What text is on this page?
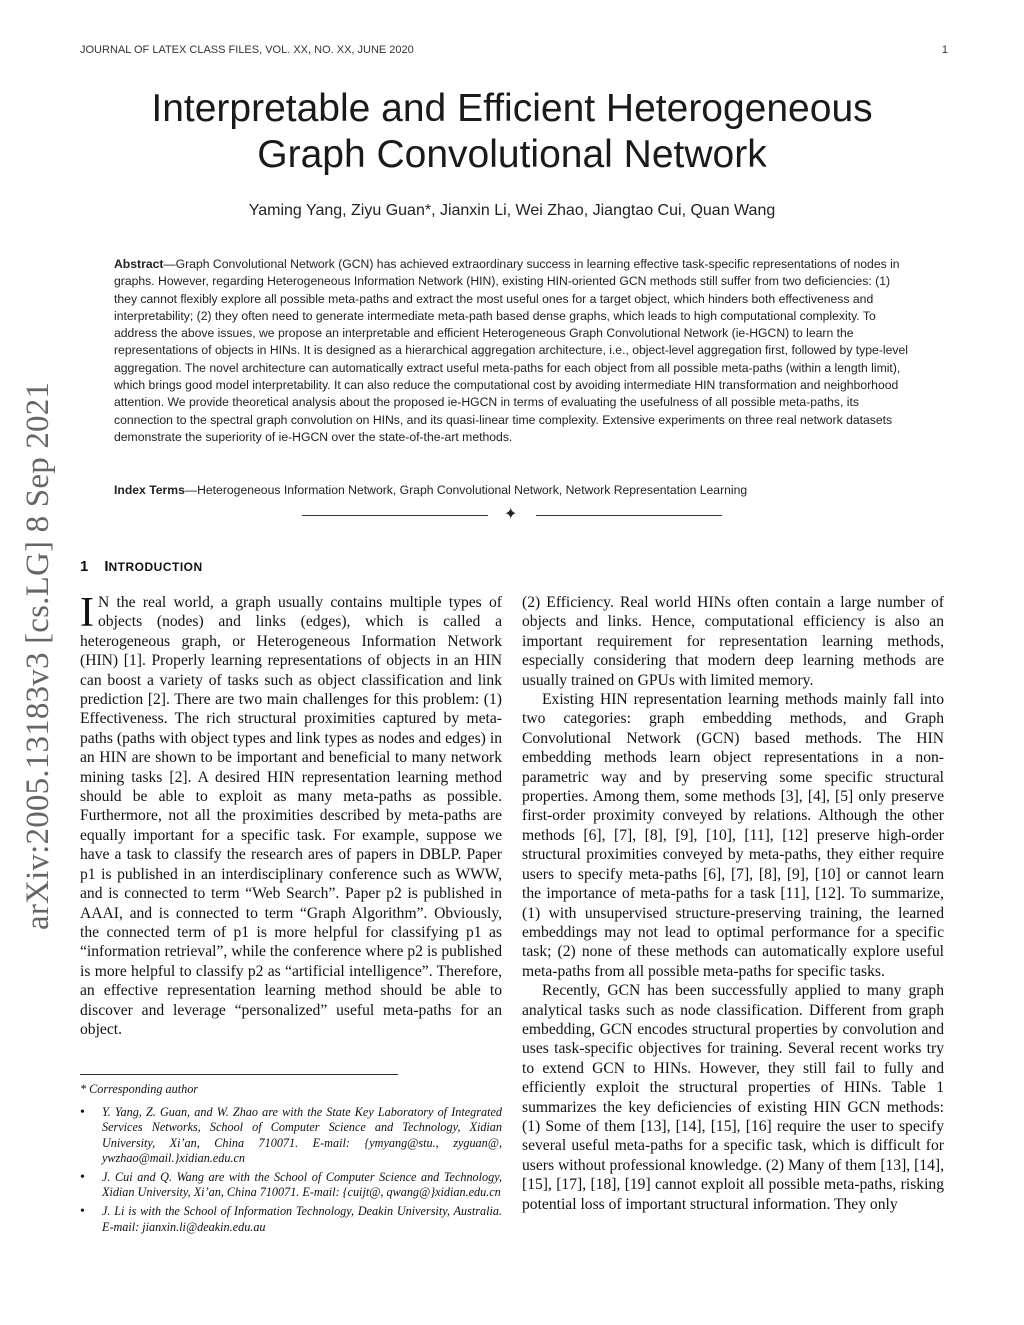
JOURNAL OF LATEX CLASS FILES, VOL. XX, NO. XX, JUNE 2020	1
Interpretable and Efficient Heterogeneous
Graph Convolutional Network
Yaming Yang, Ziyu Guan*, Jianxin Li, Wei Zhao, Jiangtao Cui, Quan Wang
Abstract—Graph Convolutional Network (GCN) has achieved extraordinary success in learning effective task-specific representations of nodes in graphs. However, regarding Heterogeneous Information Network (HIN), existing HIN-oriented GCN methods still suffer from two deficiencies: (1) they cannot flexibly explore all possible meta-paths and extract the most useful ones for a target object, which hinders both effectiveness and interpretability; (2) they often need to generate intermediate meta-path based dense graphs, which leads to high computational complexity. To address the above issues, we propose an interpretable and efficient Heterogeneous Graph Convolutional Network (ie-HGCN) to learn the representations of objects in HINs. It is designed as a hierarchical aggregation architecture, i.e., object-level aggregation first, followed by type-level aggregation. The novel architecture can automatically extract useful meta-paths for each object from all possible meta-paths (within a length limit), which brings good model interpretability. It can also reduce the computational cost by avoiding intermediate HIN transformation and neighborhood attention. We provide theoretical analysis about the proposed ie-HGCN in terms of evaluating the usefulness of all possible meta-paths, its connection to the spectral graph convolution on HINs, and its quasi-linear time complexity. Extensive experiments on three real network datasets demonstrate the superiority of ie-HGCN over the state-of-the-art methods.
Index Terms—Heterogeneous Information Network, Graph Convolutional Network, Network Representation Learning
✦
arXiv:2005.13183v3 [cs.LG] 8 Sep 2021	1 INTRODUCTION

I N the real world, a graph usually contains multiple types of objects (nodes) and links (edges), which is called a heterogeneous graph, or Heterogeneous Information Network (HIN) [1]. Properly learning representations of objects in an HIN can boost a variety of tasks such as object classification and link prediction [2]. There are two main challenges for this problem: (1) Effectiveness. The rich structural proximities captured by meta-paths (paths with object types and link types as nodes and edges) in an HIN are shown to be important and beneficial to many network mining tasks [2]. A desired HIN representation learning method should be able to exploit as many meta-paths as possible. Furthermore, not all the proximities described by meta-paths are equally important for a specific task. For example, suppose we have a task to classify the research ares of papers in DBLP. Paper p1 is published in an interdisciplinary conference such as WWW, and is connected to term “Web Search”. Paper p2 is published in AAAI, and is connected to term “Graph Algorithm”. Obviously, the connected term of p1 is more helpful for classifying p1 as “information retrieval”, while the conference where p2 is published is more helpful to classify p2 as “artificial intelligence”. Therefore, an effective representation learning method should be able to discover and leverage “personalized” useful meta-paths for an object.

(2) Efficiency. Real world HINs often contain a large number of objects and links. Hence, computational efficiency is also an important requirement for representation learning methods, especially considering that modern deep learning methods are usually trained on GPUs with limited memory.

Existing HIN representation learning methods mainly fall into two categories: graph embedding methods, and Graph Convolutional Network (GCN) based methods. The HIN embedding methods learn object representations in a non-parametric way and by preserving some specific structural properties. Among them, some methods [3], [4], [5] only preserve first-order proximity conveyed by relations. Although the other methods [6], [7], [8], [9], [10], [11], [12] preserve high-order structural proximities conveyed by meta-paths, they either require users to specify meta-paths [6], [7], [8], [9], [10] or cannot learn the importance of meta-paths for a task [11], [12]. To summarize, (1) with unsupervised structure-preserving training, the learned embeddings may not lead to optimal performance for a specific task; (2) none of these methods can automatically explore useful meta-paths from all possible meta-paths for specific tasks.

Recently, GCN has been successfully applied to many graph analytical tasks such as node classification. Different from graph embedding, GCN encodes structural properties by convolution and uses task-specific objectives for training. Several recent works try to extend GCN to HINs. However, they still fail to fully and efficiently exploit the structural properties of HINs. Table 1 summarizes the key deficiencies of existing HIN GCN methods: (1) Some of them [13], [14], [15], [16] require the user to specify several useful meta-paths for a specific task, which is difficult for users without professional knowledge. (2) Many of them [13], [14], [15], [17], [18], [19] cannot exploit all possible meta-paths, risking potential loss of important structural information. They only

* Corresponding author
• Y. Yang, Z. Guan, and W. Zhao are with the State Key Laboratory of Integrated Services Networks, School of Computer Science and Technology, Xidian University, Xi’an, China 710071. E-mail: {ymyang@stu., zyguan@, ywzhao@mail.}xidian.edu.cn
• J. Cui and Q. Wang are with the School of Computer Science and Technology, Xidian University, Xi’an, China 710071. E-mail: {cuijt@, qwang@}xidian.edu.cn
• J. Li is with the School of Information Technology, Deakin University, Australia. E-mail: jianxin.li@deakin.edu.au
